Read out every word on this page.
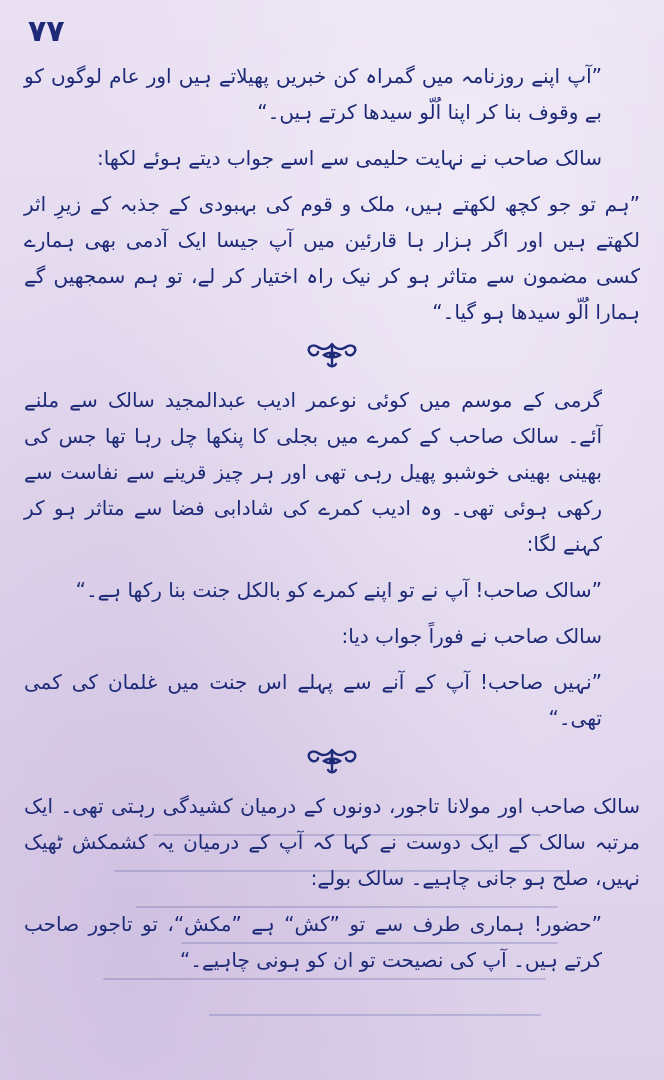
۷۷

”آپ اپنے روزنامہ میں گمراہ کن خبریں پھیلاتے ہیں اور عام لوگوں کو بے وقوف بنا کر اپنا اُلّو سیدھا کرتے ہیں۔“

سالک صاحب نے نہایت حلیمی سے اسے جواب دیتے ہوئے لکھا:

”ہم تو جو کچھ لکھتے ہیں، ملک و قوم کی بہبودی کے جذبہ کے زیرِ اثر لکھتے ہیں اور اگر ہزار ہا قارئین میں آپ جیسا ایک آدمی بھی ہمارے کسی مضمون سے متاثر ہو کر نیک راہ اختیار کر لے، تو ہم سمجھیں گے ہمارا اُلّو سیدھا ہو گیا۔“

گرمی کے موسم میں کوئی نوعمر ادیب عبدالمجید سالک سے ملنے آئے۔ سالک صاحب کے کمرے میں بجلی کا پنکھا چل رہا تھا جس کی بھینی بھینی خوشبو پھیل رہی تھی اور ہر چیز قرینے سے نفاست سے رکھی ہوئی تھی۔ وہ ادیب کمرے کی شادابی فضا سے متاثر ہو کر کہنے لگا:

”سالک صاحب! آپ نے تو اپنے کمرے کو بالکل جنت بنا رکھا ہے۔“

سالک صاحب نے فوراً جواب دیا:

”نہیں صاحب! آپ کے آنے سے پہلے اس جنت میں غلمان کی کمی تھی۔“

سالک صاحب اور مولانا تاجور، دونوں کے درمیان کشیدگی رہتی تھی۔ ایک مرتبہ سالک کے ایک دوست نے کہا کہ آپ کے درمیان یہ کشمکش ٹھیک نہیں، صلح ہو جانی چاہیے۔ سالک بولے:

”حضور! ہماری طرف سے تو ”کش“ ہے ”مکش“، تو تاجور صاحب کرتے ہیں۔ آپ کی نصیحت تو ان کو ہونی چاہیے۔“
